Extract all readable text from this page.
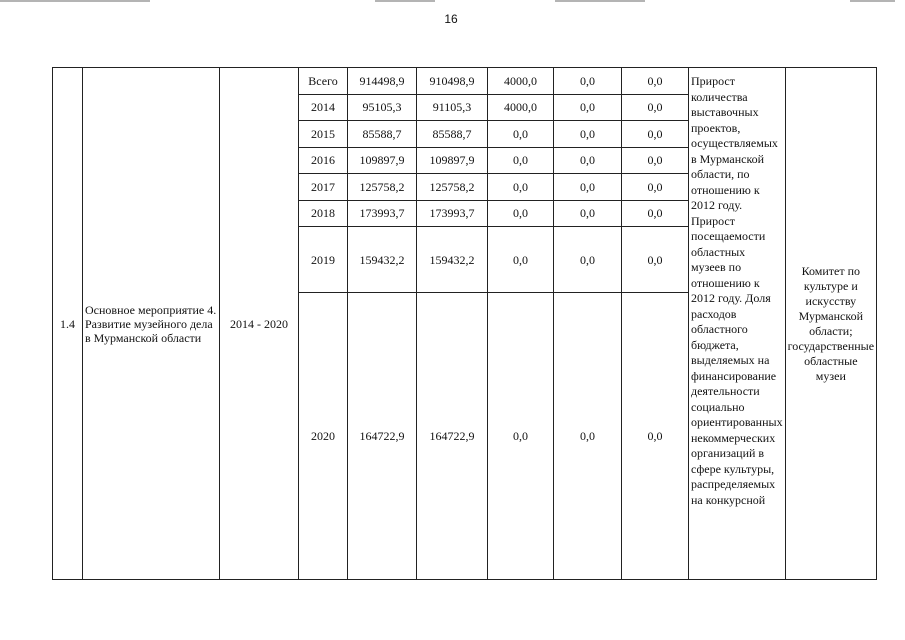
16
1.4	Основное мероприятие 4. Развитие музейного дела в Мурманской области	2014 - 2020	Всего	914498,9	910498,9	4000,0	0,0	0,0	Прирост количества выставочных проектов, осуществляемых в Мурманской области, по отношению к 2012 году. Прирост посещаемости областных музеев по отношению к 2012 году. Доля расходов областного бюджета, выделяемых на финансирование деятельности социально ориентированных некоммерческих организаций в сфере культуры, распределяемых на конкурсной	Комитет по культуре и искусству Мурманской области; государственные областные музеи
			2014	95105,3	91105,3	4000,0	0,0	0,0		
			2015	85588,7	85588,7	0,0	0,0	0,0		
			2016	109897,9	109897,9	0,0	0,0	0,0		
			2017	125758,2	125758,2	0,0	0,0	0,0		
			2018	173993,7	173993,7	0,0	0,0	0,0		
			2019	159432,2	159432,2	0,0	0,0	0,0		
			2020	164722,9	164722,9	0,0	0,0	0,0		
